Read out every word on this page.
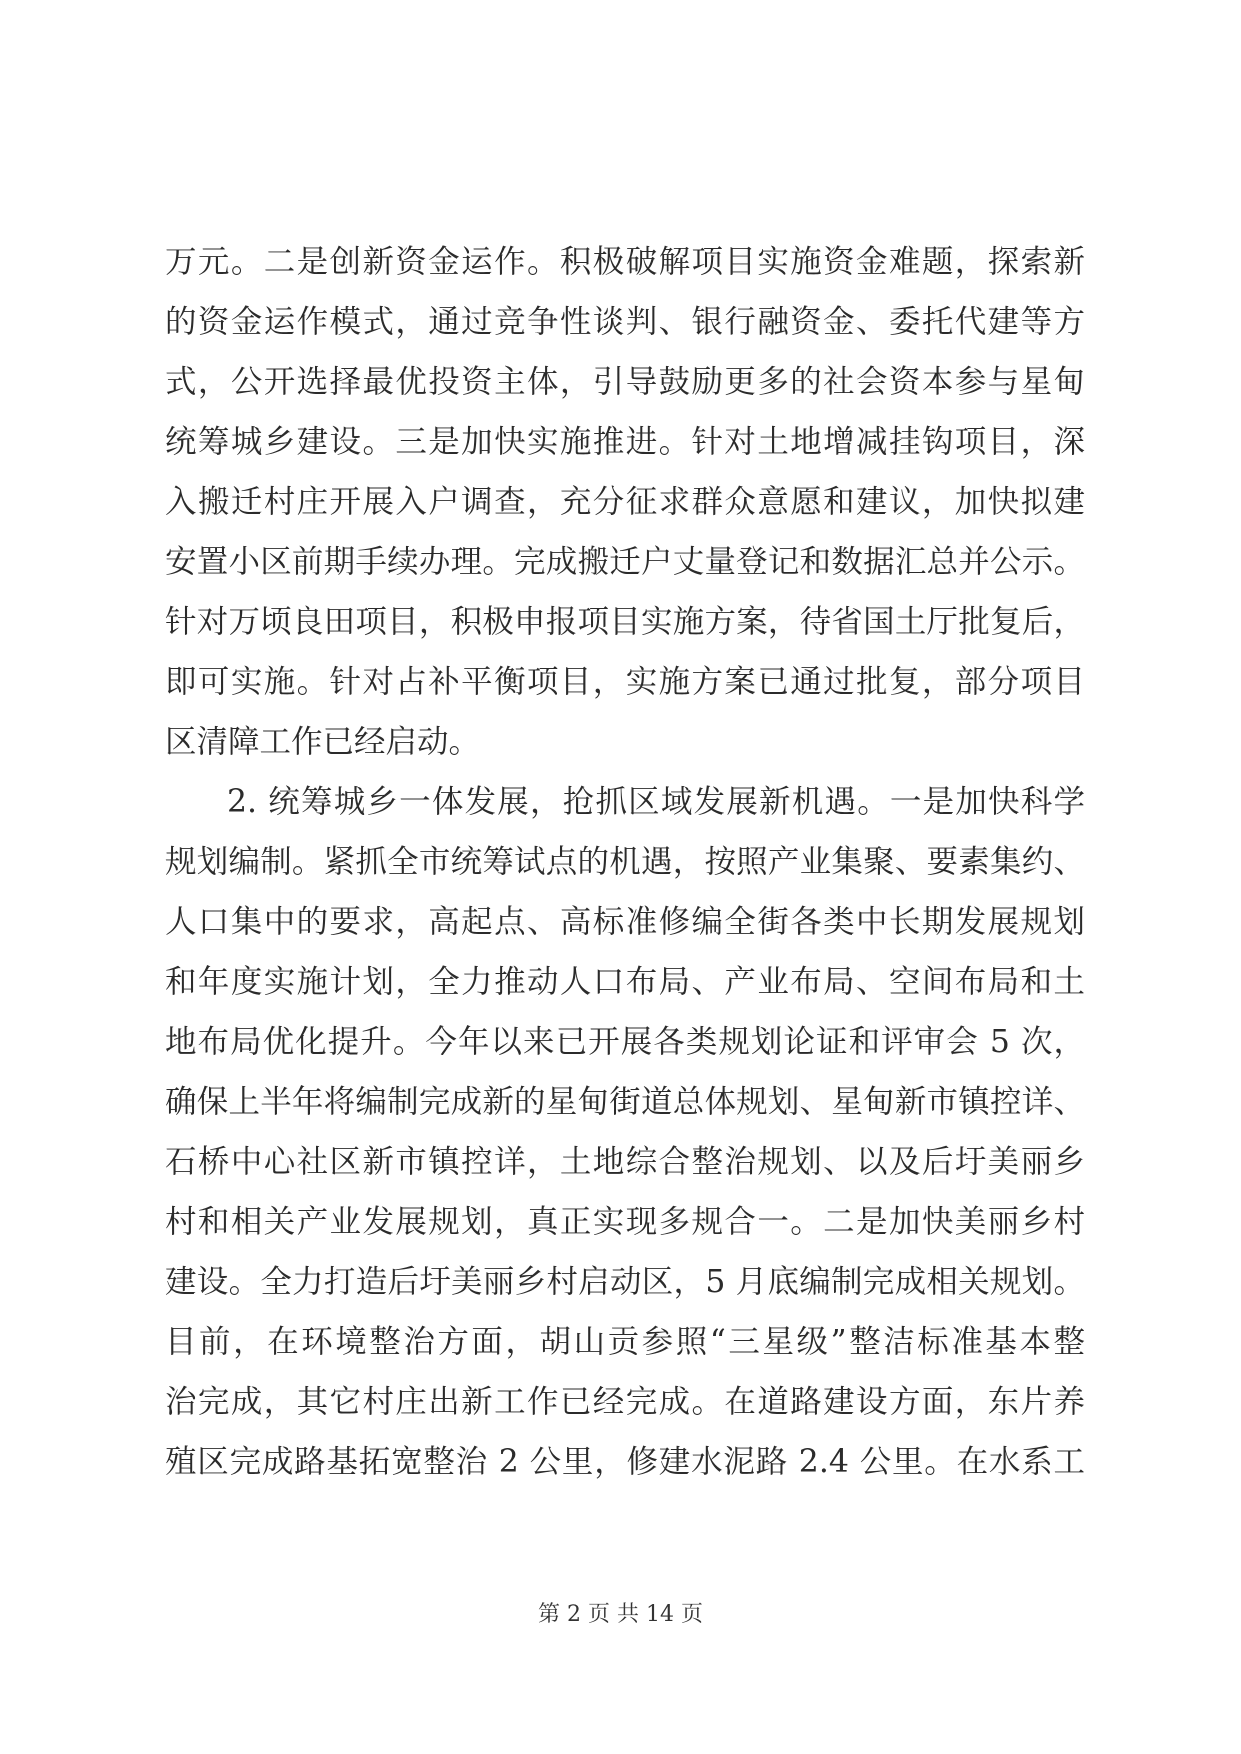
万元。二是创新资金运作。积极破解项目实施资金难题，探索新
的资金运作模式，通过竞争性谈判、银行融资金、委托代建等方
式，公开选择最优投资主体，引导鼓励更多的社会资本参与星甸
统筹城乡建设。三是加快实施推进。针对土地增减挂钩项目，深
入搬迁村庄开展入户调查，充分征求群众意愿和建议，加快拟建
安置小区前期手续办理。完成搬迁户丈量登记和数据汇总并公示。
针对万顷良田项目，积极申报项目实施方案，待省国土厅批复后，
即可实施。针对占补平衡项目，实施方案已通过批复，部分项目
区清障工作已经启动。
2. 统筹城乡一体发展，抢抓区域发展新机遇。一是加快科学
规划编制。紧抓全市统筹试点的机遇，按照产业集聚、要素集约、
人口集中的要求，高起点、高标准修编全街各类中长期发展规划
和年度实施计划，全力推动人口布局、产业布局、空间布局和土
地布局优化提升。今年以来已开展各类规划论证和评审会 5 次，
确保上半年将编制完成新的星甸街道总体规划、星甸新市镇控详、
石桥中心社区新市镇控详，土地综合整治规划、以及后圩美丽乡
村和相关产业发展规划，真正实现多规合一。二是加快美丽乡村
建设。全力打造后圩美丽乡村启动区，5 月底编制完成相关规划。
目前，在环境整治方面，胡山贡参照“三星级”整洁标准基本整
治完成，其它村庄出新工作已经完成。在道路建设方面，东片养
殖区完成路基拓宽整治 2 公里，修建水泥路 2.4 公里。在水系工
第 2 页 共 14 页
